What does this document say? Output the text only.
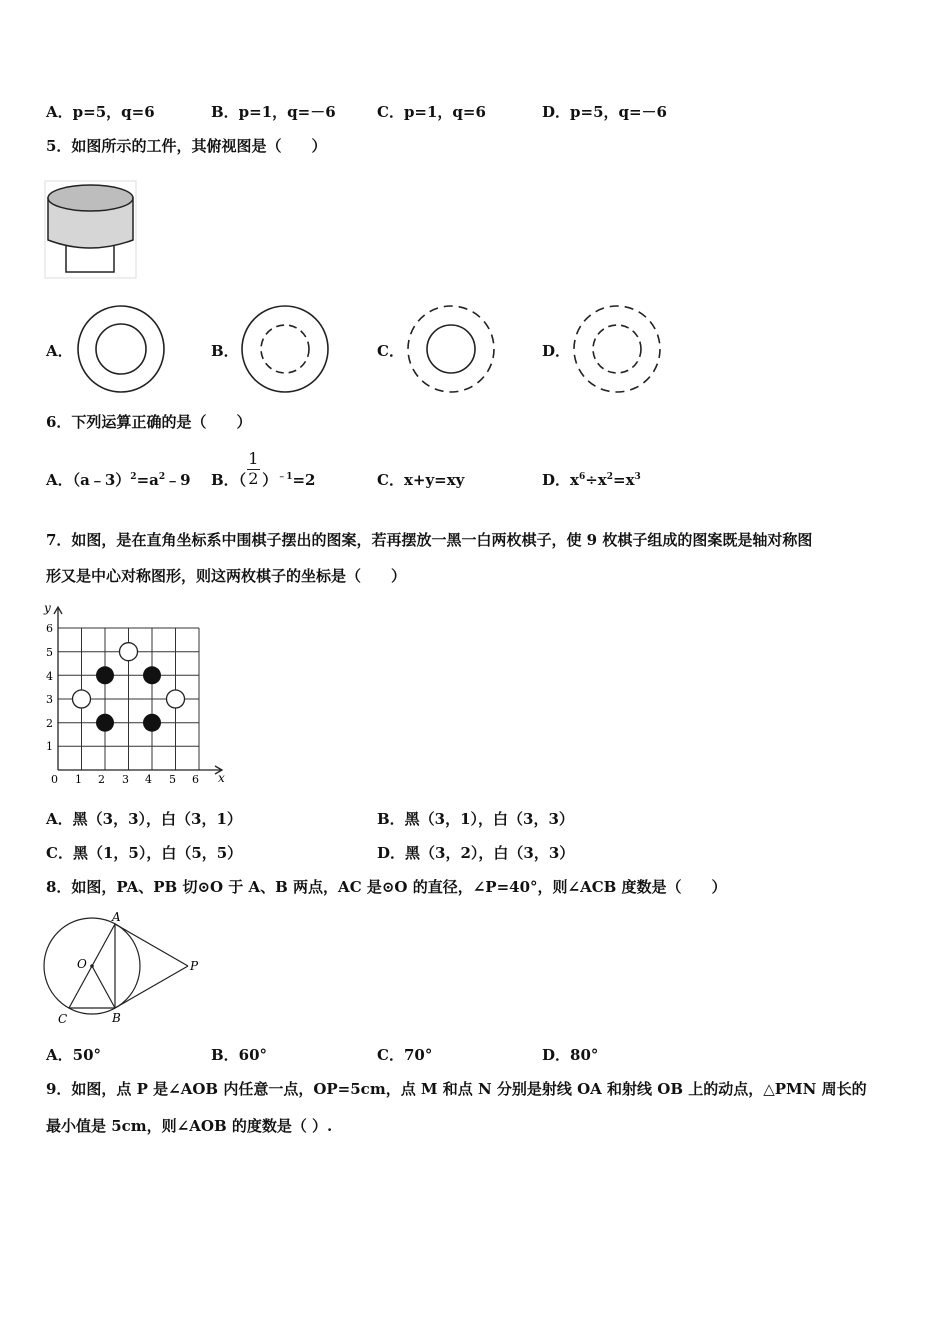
A．p=5，q=6	B．p=1，q=－6	C．p=1，q=6	D．p=5，q=－6
5．如图所示的工件，其俯视图是（　　）
A．	B．	C．	D．
6．下列运算正确的是（　　）
A．$(a﹣3)^2=a^2﹣9$ B．（ $\frac{1}{2} )^{﹣1}=2$	C．x+y=xy	D．$x^6\div x^2=x^3$
7．如图，是在直角坐标系中围棋子摆出的图案，若再摆放一黑一白两枚棋子，使 9 枚棋子组成的图案既是轴对称图
形又是中心对称图形，则这两枚棋子的坐标是（　　）
y
x
0 1 2 3 4 5 6
1
2
3
4
5
6
A．黑（3，3），白（3，1）	B．黑（3，1），白（3，3）
C．黑（1，5），白（5，5）	D．黑（3，2），白（3，3）
8．如图，PA、PB 切⊙O 于 A、B 两点，AC 是⊙O 的直径，∠P=40°，则∠ACB 度数是（　　）
A
B
C
O	P
A．50°	B．60°	C．70°	D．80°
9．如图，点 P 是∠AOB 内任意一点，OP=5cm，点 M 和点 N 分别是射线 OA 和射线 OB 上的动点，△PMN 周长的
最小值是 5cm，则∠AOB 的度数是（ ）.
